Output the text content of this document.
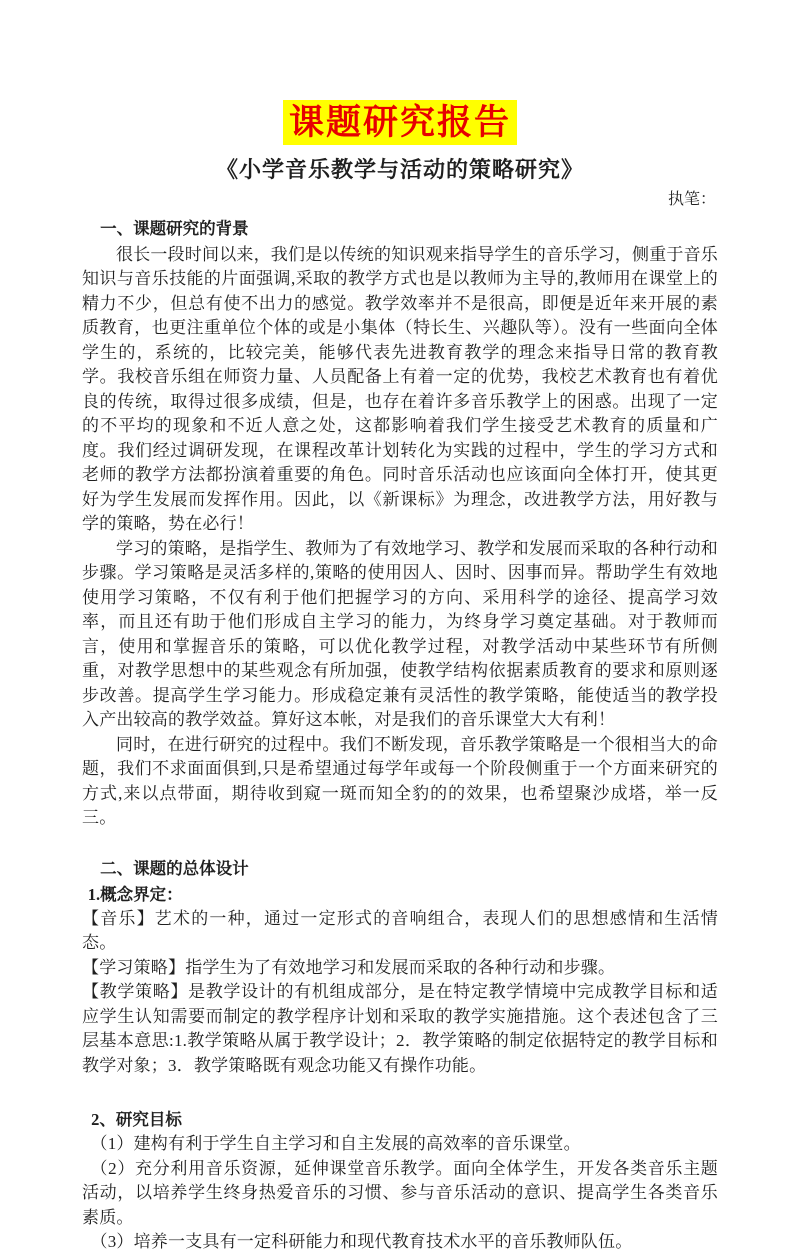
课题研究报告
《小学音乐教学与活动的策略研究》
执笔：
一、课题研究的背景

很长一段时间以来，我们是以传统的知识观来指导学生的音乐学习，侧重于音乐知识与音乐技能的片面强调,采取的教学方式也是以教师为主导的,教师用在课堂上的精力不少，但总有使不出力的感觉。教学效率并不是很高，即便是近年来开展的素质教育，也更注重单位个体的或是小集体（特长生、兴趣队等）。没有一些面向全体学生的，系统的，比较完美，能够代表先进教育教学的理念来指导日常的教育教学。我校音乐组在师资力量、人员配备上有着一定的优势，我校艺术教育也有着优良的传统，取得过很多成绩，但是，也存在着许多音乐教学上的困惑。出现了一定的不平均的现象和不近人意之处，这都影响着我们学生接受艺术教育的质量和广度。我们经过调研发现，在课程改革计划转化为实践的过程中，学生的学习方式和老师的教学方法都扮演着重要的角色。同时音乐活动也应该面向全体打开，使其更好为学生发展而发挥作用。因此，以《新课标》为理念，改进教学方法，用好教与学的策略，势在必行！

学习的策略，是指学生、教师为了有效地学习、教学和发展而采取的各种行动和步骤。学习策略是灵活多样的,策略的使用因人、因时、因事而异。帮助学生有效地使用学习策略，不仅有利于他们把握学习的方向、采用科学的途径、提高学习效率，而且还有助于他们形成自主学习的能力，为终身学习奠定基础。对于教师而言，使用和掌握音乐的策略，可以优化教学过程，对教学活动中某些环节有所侧重，对教学思想中的某些观念有所加强，使教学结构依据素质教育的要求和原则逐步改善。提高学生学习能力。形成稳定兼有灵活性的教学策略，能使适当的教学投入产出较高的教学效益。算好这本帐，对是我们的音乐课堂大大有利！

同时，在进行研究的过程中。我们不断发现，音乐教学策略是一个很相当大的命题，我们不求面面俱到,只是希望通过每学年或每一个阶段侧重于一个方面来研究的方式,来以点带面，期待收到窥一斑而知全豹的的效果，也希望聚沙成塔，举一反三。

二、课题的总体设计
1.概念界定：

【音乐】艺术的一种，通过一定形式的音响组合，表现人们的思想感情和生活情态。

【学习策略】指学生为了有效地学习和发展而采取的各种行动和步骤。

【教学策略】是教学设计的有机组成部分，是在特定教学情境中完成教学目标和适应学生认知需要而制定的教学程序计划和采取的教学实施措施。这个表述包含了三层基本意思:1.教学策略从属于教学设计；2．教学策略的制定依据特定的教学目标和教学对象；3．教学策略既有观念功能又有操作功能。

2、研究目标

（1）建构有利于学生自主学习和自主发展的高效率的音乐课堂。

（2）充分利用音乐资源，延伸课堂音乐教学。面向全体学生，开发各类音乐主题活动，以培养学生终身热爱音乐的习惯、参与音乐活动的意识、提高学生各类音乐素质。

（3）培养一支具有一定科研能力和现代教育技术水平的音乐教师队伍。
